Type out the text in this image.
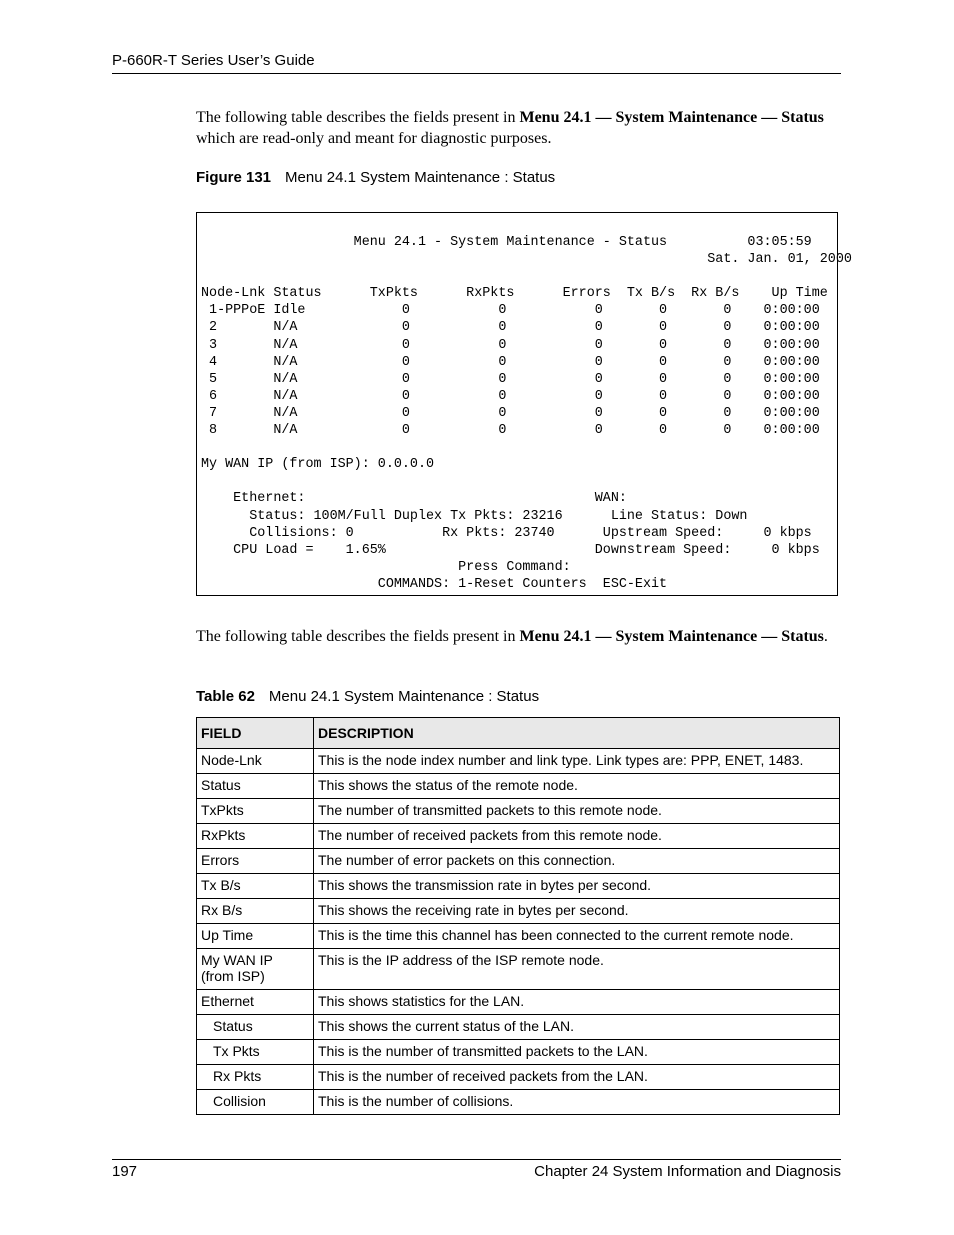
P-660R-T Series User’s Guide
The following table describes the fields present in Menu 24.1 — System Maintenance — Status which are read-only and meant for diagnostic purposes.
Figure 131 Menu 24.1 System Maintenance : Status
Menu 24.1 - System Maintenance - Status          03:05:59
Sat. Jan. 01, 2000

Node-Lnk Status      TxPkts      RxPkts      Errors  Tx B/s  Rx B/s    Up Time
1-PPPoE Idle            0           0           0       0       0    0:00:00
2       N/A             0           0           0       0       0    0:00:00
3       N/A             0           0           0       0       0    0:00:00
4       N/A             0           0           0       0       0    0:00:00
5       N/A             0           0           0       0       0    0:00:00
6       N/A             0           0           0       0       0    0:00:00
7       N/A             0           0           0       0       0    0:00:00
8       N/A             0           0           0       0       0    0:00:00

My WAN IP (from ISP): 0.0.0.0

Ethernet:                                    WAN:
Status: 100M/Full Duplex Tx Pkts: 23216      Line Status: Down
Collisions: 0           Rx Pkts: 23740      Upstream Speed:     0 kbps
CPU Load =    1.65%                          Downstream Speed:     0 kbps
Press Command:
COMMANDS: 1-Reset Counters  ESC-Exit
The following table describes the fields present in Menu 24.1 — System Maintenance — Status.
Table 62 Menu 24.1 System Maintenance : Status
FIELD	DESCRIPTION
Node-Lnk	This is the node index number and link type. Link types are: PPP, ENET, 1483.
Status	This shows the status of the remote node.
TxPkts	The number of transmitted packets to this remote node.
RxPkts	The number of received packets from this remote node.
Errors	The number of error packets on this connection.
Tx B/s	This shows the transmission rate in bytes per second.
Rx B/s	This shows the receiving rate in bytes per second.
Up Time	This is the time this channel has been connected to the current remote node.
My WAN IP (from ISP)	This is the IP address of the ISP remote node.
Ethernet	This shows statistics for the LAN.
Status	This shows the current status of the LAN.
Tx Pkts	This is the number of transmitted packets to the LAN.
Rx Pkts	This is the number of received packets from the LAN.
Collision	This is the number of collisions.
197	Chapter 24 System Information and Diagnosis
